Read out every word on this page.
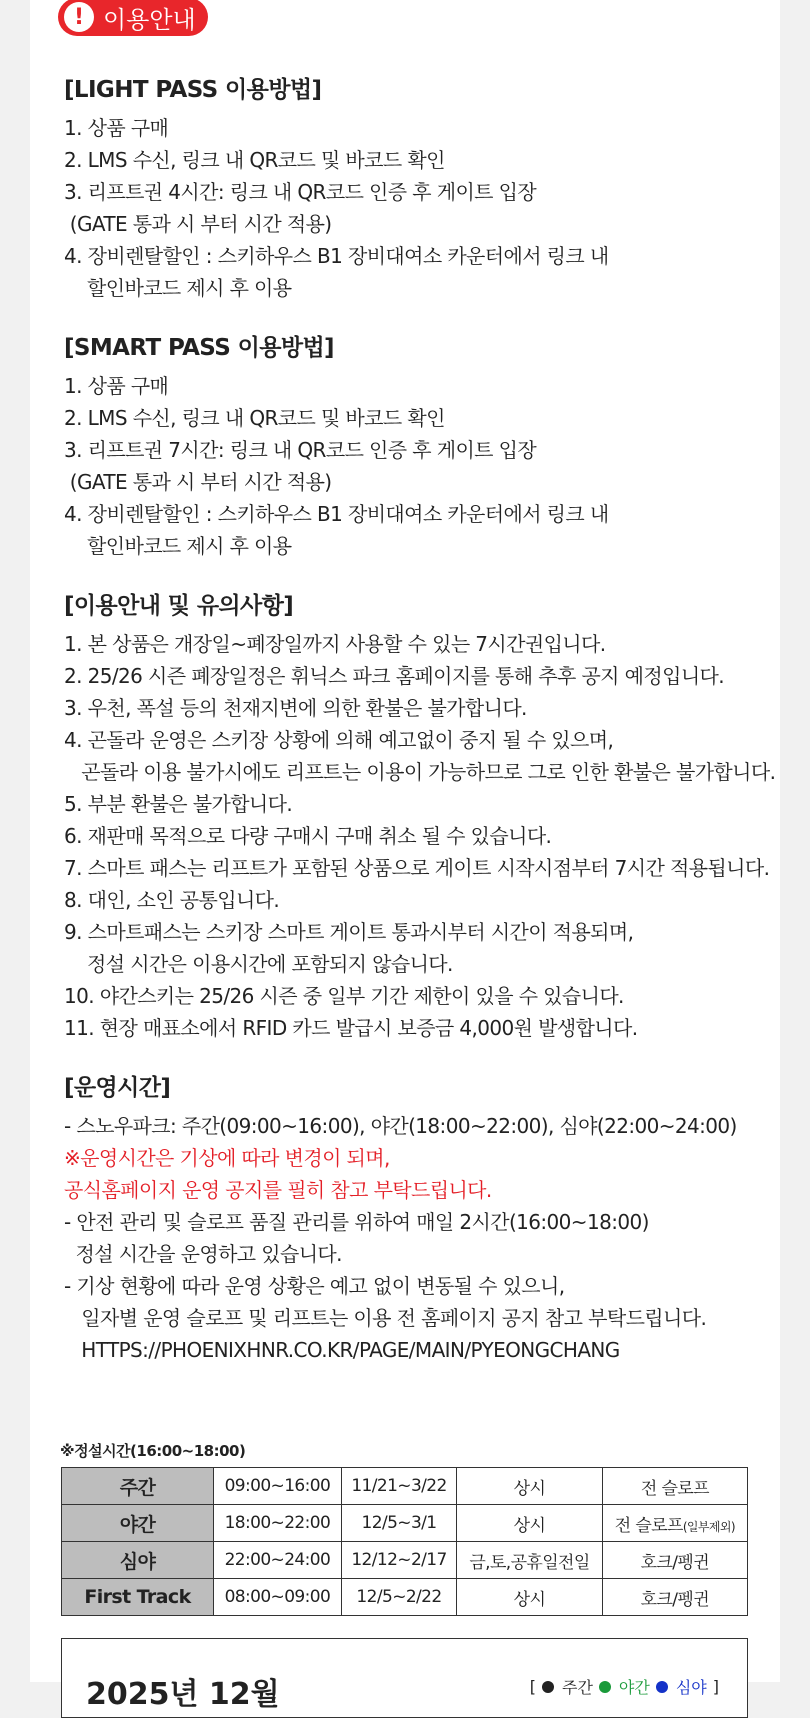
! 이용안내
[LIGHT PASS 이용방법]
1. 상품 구매
2. LMS 수신, 링크 내 QR코드 및 바코드 확인
3. 리프트권 4시간: 링크 내 QR코드 인증 후 게이트 입장
(GATE 통과 시 부터 시간 적용)
4. 장비렌탈할인 : 스키하우스 B1 장비대여소 카운터에서 링크 내
할인바코드 제시 후 이용
[SMART PASS 이용방법]
1. 상품 구매
2. LMS 수신, 링크 내 QR코드 및 바코드 확인
3. 리프트권 7시간: 링크 내 QR코드 인증 후 게이트 입장
(GATE 통과 시 부터 시간 적용)
4. 장비렌탈할인 : 스키하우스 B1 장비대여소 카운터에서 링크 내
할인바코드 제시 후 이용
[이용안내 및 유의사항]
1. 본 상품은 개장일~폐장일까지 사용할 수 있는 7시간권입니다.
2. 25/26 시즌 폐장일정은 휘닉스 파크 홈페이지를 통해 추후 공지 예정입니다.
3. 우천, 폭설 등의 천재지변에 의한 환불은 불가합니다.
4. 곤돌라 운영은 스키장 상황에 의해 예고없이 중지 될 수 있으며,
곤돌라 이용 불가시에도 리프트는 이용이 가능하므로 그로 인한 환불은 불가합니다.
5. 부분 환불은 불가합니다.
6. 재판매 목적으로 다량 구매시 구매 취소 될 수 있습니다.
7. 스마트 패스는 리프트가 포함된 상품으로 게이트 시작시점부터 7시간 적용됩니다.
8. 대인, 소인 공통입니다.
9. 스마트패스는 스키장 스마트 게이트 통과시부터 시간이 적용되며,
정설 시간은 이용시간에 포함되지 않습니다.
10. 야간스키는 25/26 시즌 중 일부 기간 제한이 있을 수 있습니다.
11. 현장 매표소에서 RFID 카드 발급시 보증금 4,000원 발생합니다.
[운영시간]
- 스노우파크: 주간(09:00~16:00), 야간(18:00~22:00), 심야(22:00~24:00)
※운영시간은 기상에 따라 변경이 되며,
공식홈페이지 운영 공지를 필히 참고 부탁드립니다.
- 안전 관리 및 슬로프 품질 관리를 위하여 매일 2시간(16:00~18:00)
정설 시간을 운영하고 있습니다.
- 기상 현황에 따라 운영 상황은 예고 없이 변동될 수 있으니,
일자별 운영 슬로프 및 리프트는 이용 전 홈페이지 공지 참고 부탁드립니다.
HTTPS://PHOENIXHNR.CO.KR/PAGE/MAIN/PYEONGCHANG
※정설시간(16:00~18:00)
주간	09:00~16:00	11/21~3/22	상시	전 슬로프
야간	18:00~22:00	12/5~3/1	상시	전 슬로프(일부제외)
심야	22:00~24:00	12/12~2/17	금,토,공휴일전일	호크/펭귄
First Track	08:00~09:00	12/5~2/22	상시	호크/펭귄
2025년 12월	[ 주간 야간 심야 ]
